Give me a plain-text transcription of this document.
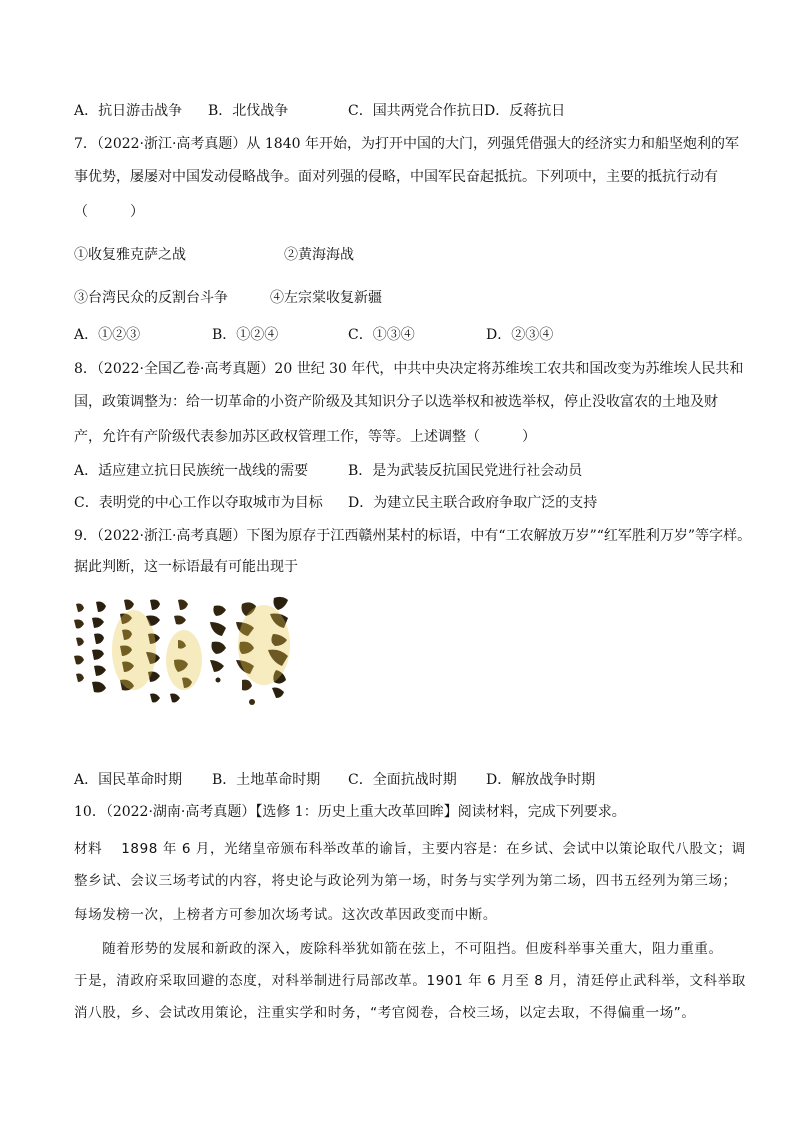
A．抗日游击战争 B．北伐战争	C．国共两党合作抗日 D．反蒋抗日
7．（2022·浙江·高考真题）从 1840 年开始，为打开中国的大门，列强凭借强大的经济实力和船坚炮利的军
事优势，屡屡对中国发动侵略战争。面对列强的侵略，中国军民奋起抵抗。下列项中，主要的抵抗行动有
（　　　）
①收复雅克萨之战	②黄海海战
③台湾民众的反割台斗争	④左宗棠收复新疆
A．①②③	B．①②④	C．①③④	D．②③④
8．（2022·全国乙卷·高考真题）20 世纪 30 年代，中共中央决定将苏维埃工农共和国改变为苏维埃人民共和
国，政策调整为：给一切革命的小资产阶级及其知识分子以选举权和被选举权，停止没收富农的土地及财
产，允许有产阶级代表参加苏区政权管理工作，等等。上述调整（　　　）
A．适应建立抗日民族统一战线的需要	B．是为武装反抗国民党进行社会动员
C．表明党的中心工作以夺取城市为目标 D．为建立民主联合政府争取广泛的支持
9．（2022·浙江·高考真题）下图为原存于江西赣州某村的标语，中有“工农解放万岁”“红军胜利万岁”等字样。
据此判断，这一标语最有可能出现于
A．国民革命时期 B．土地革命时期 C．全面抗战时期 D．解放战争时期
10．（2022·湖南·高考真题）【选修 1：历史上重大改革回眸】阅读材料，完成下列要求。
材料　 1898 年 6 月，光绪皇帝颁布科举改革的谕旨，主要内容是：在乡试、会试中以策论取代八股文；调
整乡试、会议三场考试的内容，将史论与政论列为第一场，时务与实学列为第二场，四书五经列为第三场；
每场发榜一次，上榜者方可参加次场考试。这次改革因政变而中断。
　　随着形势的发展和新政的深入，废除科举犹如箭在弦上，不可阻挡。但废科举事关重大，阻力重重。
于是，清政府采取回避的态度，对科举制进行局部改革。1901 年 6 月至 8 月，清廷停止武科举，文科举取
消八股，乡、会试改用策论，注重实学和时务，“考官阅卷，合校三场，以定去取，不得偏重一场”。
